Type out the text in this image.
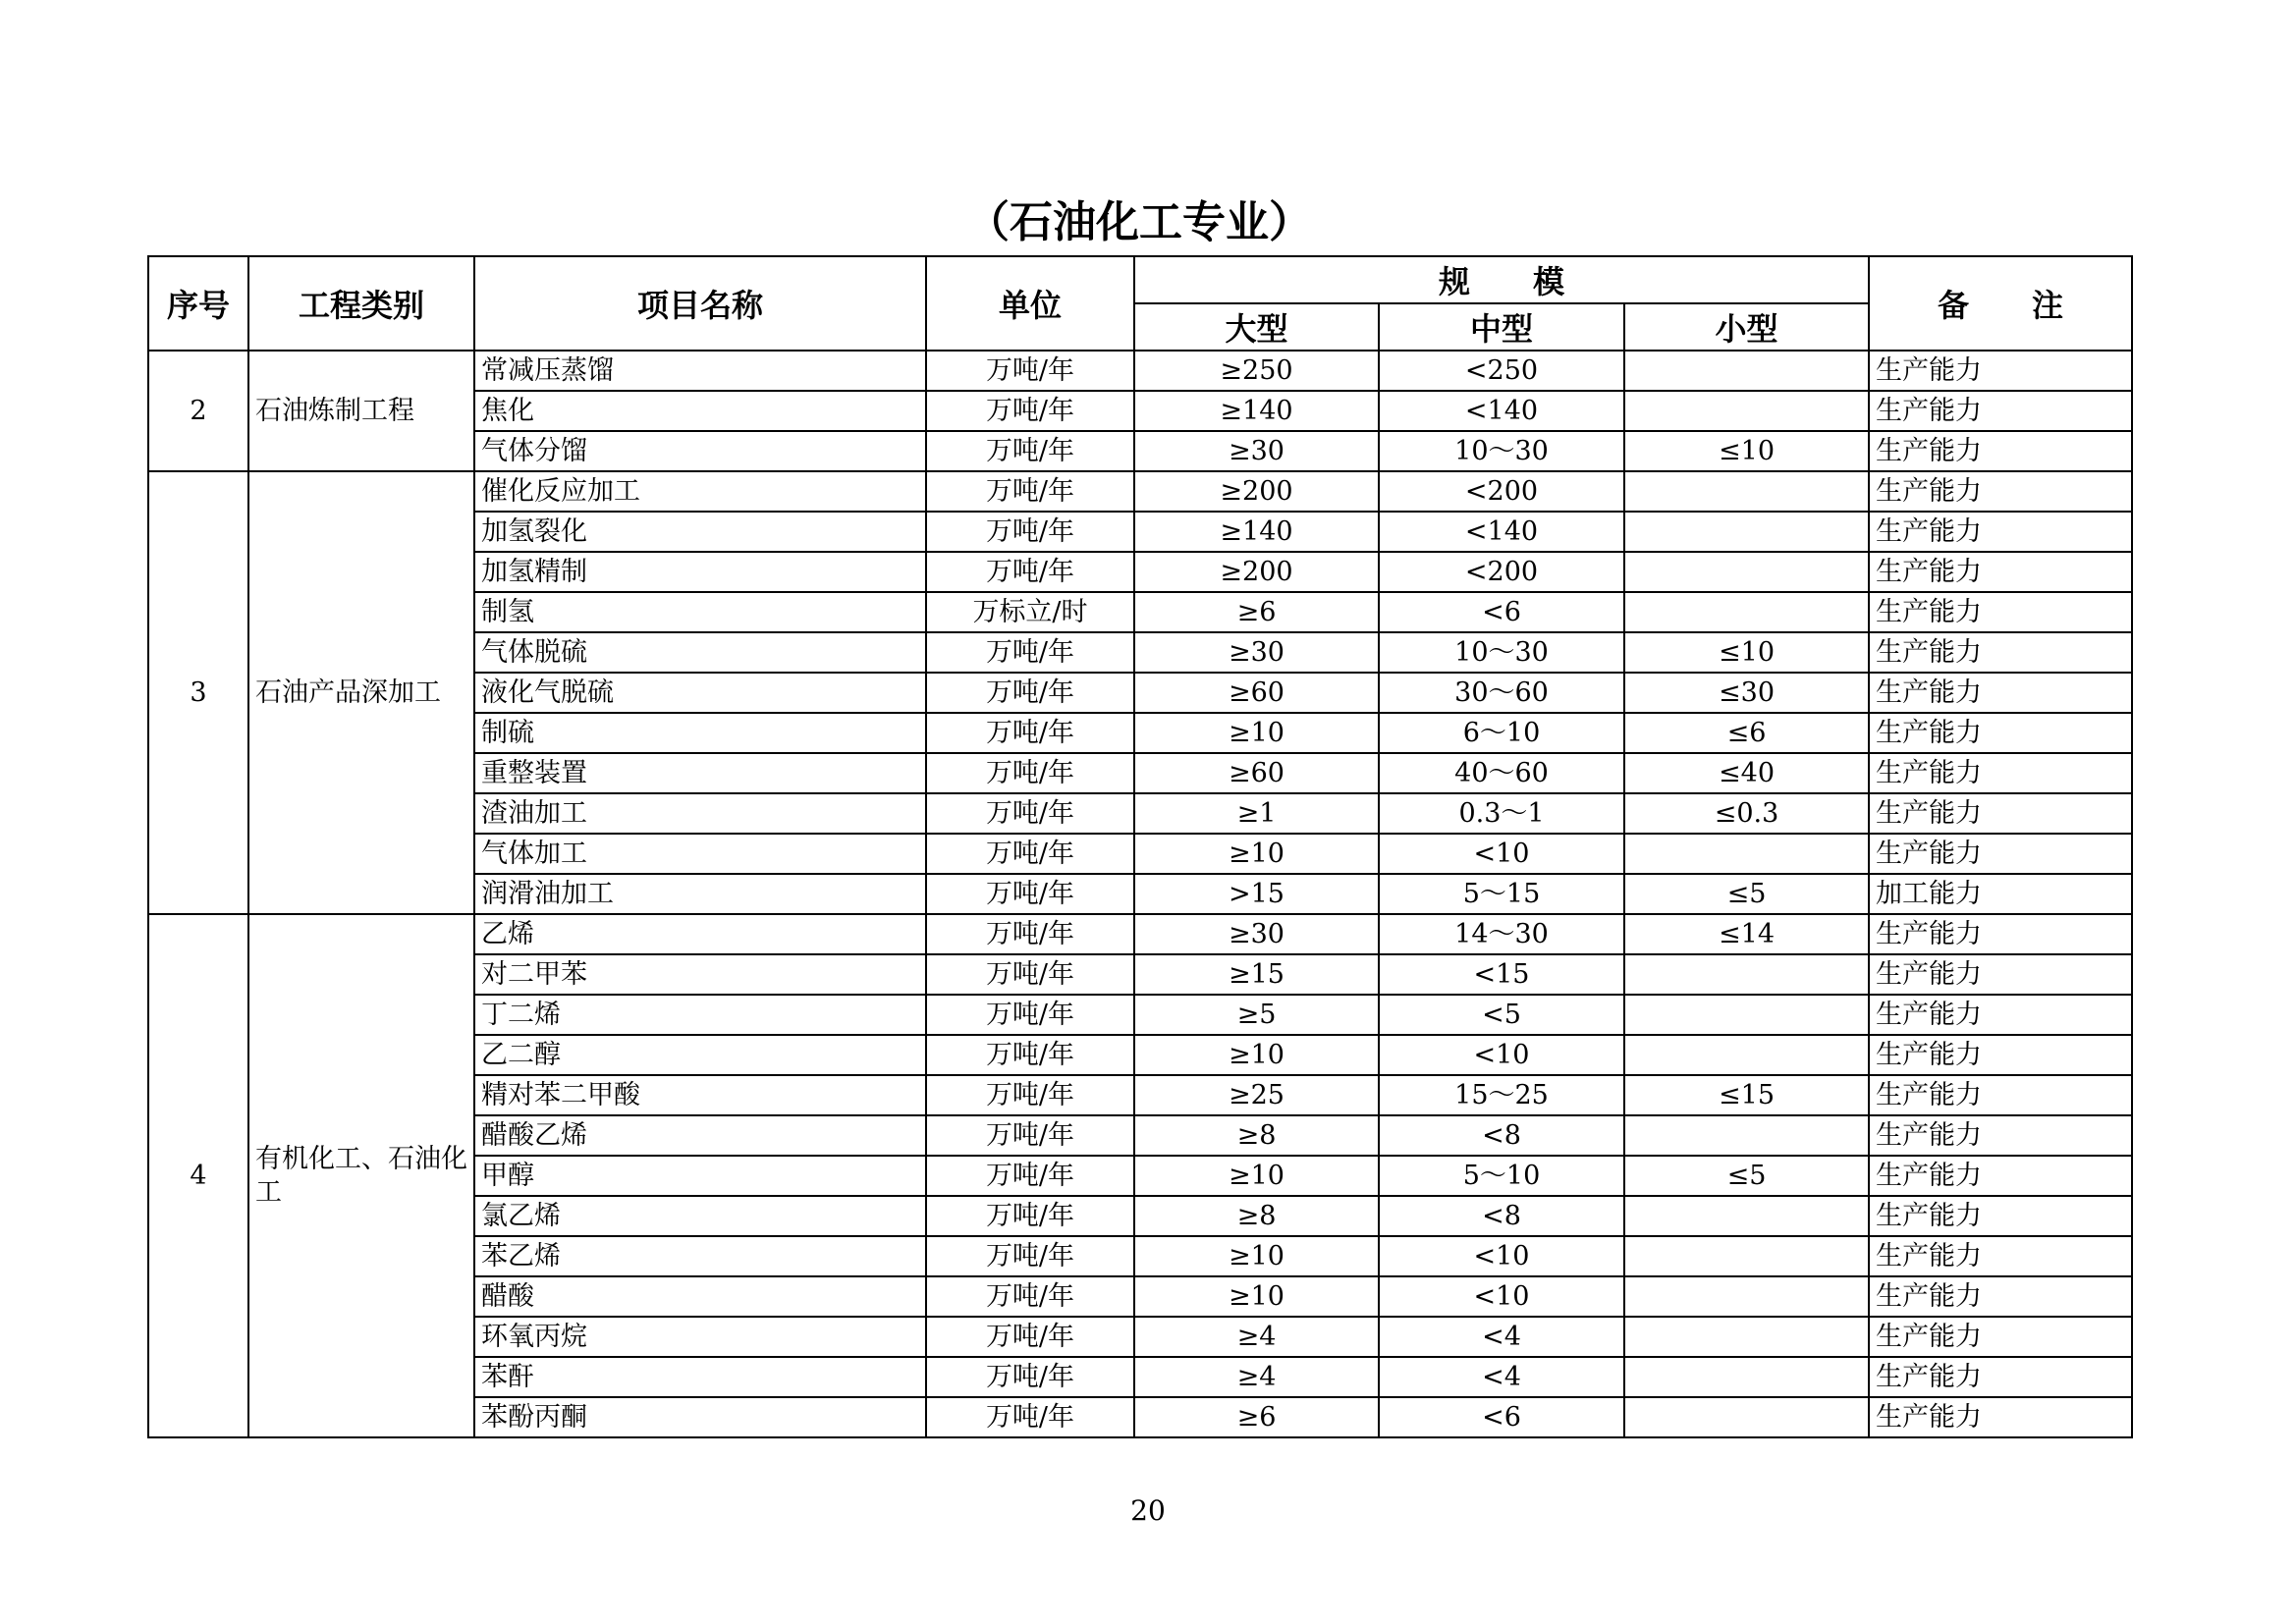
（石油化工专业）
序号	工程类别	项目名称	单位	规　　模			备　　注
				大型	中型	小型	
2	石油炼制工程	常减压蒸馏	万吨/年	≥250	<250		生产能力
		焦化	万吨/年	≥140	<140		生产能力
		气体分馏	万吨/年	≥30	10～30	≤10	生产能力
3	石油产品深加工	催化反应加工	万吨/年	≥200	<200		生产能力
		加氢裂化	万吨/年	≥140	<140		生产能力
		加氢精制	万吨/年	≥200	<200		生产能力
		制氢	万标立/时	≥6	<6		生产能力
		气体脱硫	万吨/年	≥30	10～30	≤10	生产能力
		液化气脱硫	万吨/年	≥60	30～60	≤30	生产能力
		制硫	万吨/年	≥10	6～10	≤6	生产能力
		重整装置	万吨/年	≥60	40～60	≤40	生产能力
		渣油加工	万吨/年	≥1	0.3～1	≤0.3	生产能力
		气体加工	万吨/年	≥10	<10		生产能力
		润滑油加工	万吨/年	>15	5～15	≤5	加工能力
4	有机化工、石油化工	乙烯	万吨/年	≥30	14～30	≤14	生产能力
		对二甲苯	万吨/年	≥15	<15		生产能力
		丁二烯	万吨/年	≥5	<5		生产能力
		乙二醇	万吨/年	≥10	<10		生产能力
		精对苯二甲酸	万吨/年	≥25	15～25	≤15	生产能力
		醋酸乙烯	万吨/年	≥8	<8		生产能力
		甲醇	万吨/年	≥10	5～10	≤5	生产能力
		氯乙烯	万吨/年	≥8	<8		生产能力
		苯乙烯	万吨/年	≥10	<10		生产能力
		醋酸	万吨/年	≥10	<10		生产能力
		环氧丙烷	万吨/年	≥4	<4		生产能力
		苯酐	万吨/年	≥4	<4		生产能力
		苯酚丙酮	万吨/年	≥6	<6		生产能力
20
